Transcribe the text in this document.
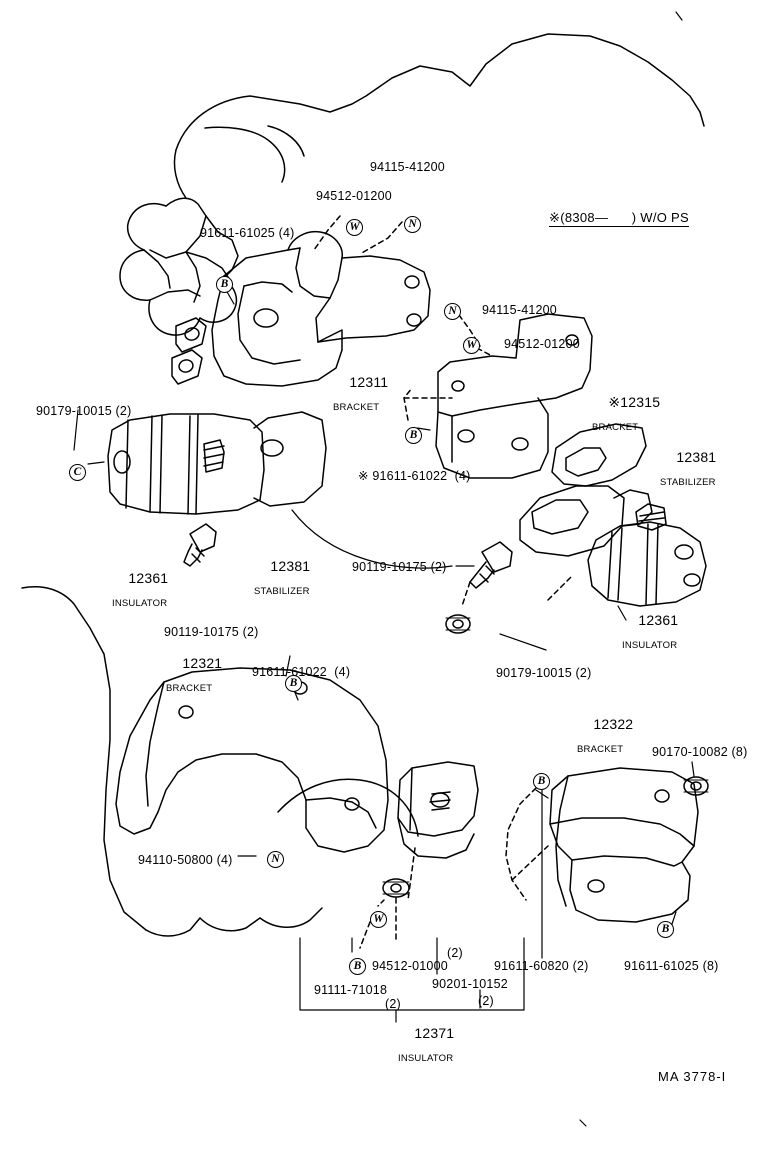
B
W	N
N
W
B
C
B
B
N
W
B
B
94115-41200
94512-01200
91611-61025 (4)
※(8308—      ) W/O PS
94115-41200
94512-01200

12311

BRACKET

	※12315

BRACKET

90179-10015 (2)

12381

STABILIZER

※ 91611-61022  (4)

12361

INSULATOR

12381

STABILIZER

90119-10175 (2)
90119-10175 (2)

12361

INSULATOR

90179-10015 (2)

12321

BRACKET

91611-61022  (4)

12322

BRACKET

	90170-10082 (8)
94110-50800 (4)
91611-61025 (8)
91611-60820 (2)
94512-01000
(2)
90201-10152
(2)
91111-71018
(2)

12371

INSULATOR

MA 3778-I
